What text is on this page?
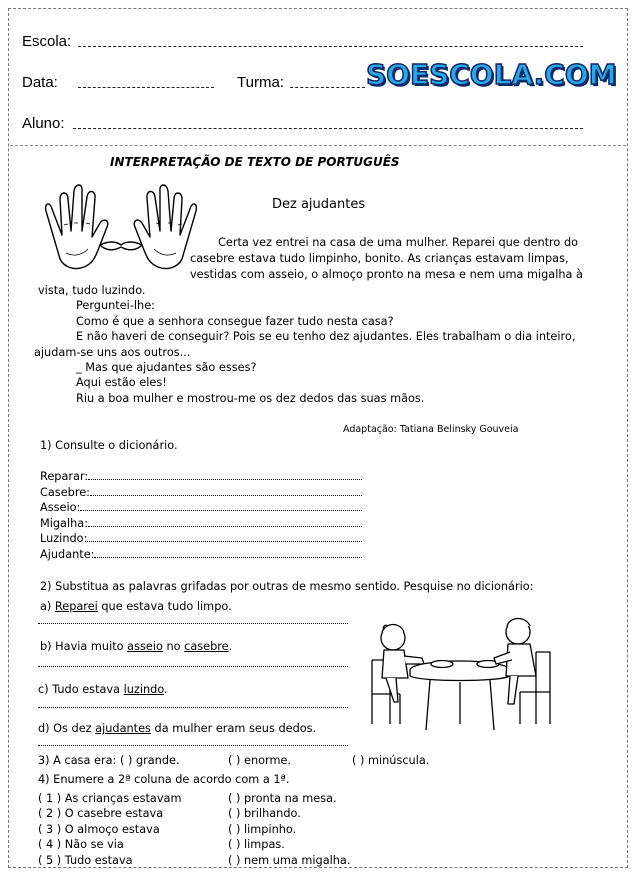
Escola:
Data:	Turma:	SOESCOLA.COM
Aluno:
INTERPRETAÇÃO DE TEXTO DE PORTUGUÊS
Dez ajudantes
Certa vez entrei na casa de uma mulher. Reparei que dentro do
casebre estava tudo limpinho, bonito. As crianças estavam limpas,
vestidas com asseio, o almoço pronto na mesa e nem uma migalha à
vista, tudo luzindo.
Perguntei-lhe:
Como é que a senhora consegue fazer tudo nesta casa?
E não haveri de conseguir? Pois se eu tenho dez ajudantes. Eles trabalham o dia inteiro,
ajudam-se uns aos outros...
_ Mas que ajudantes são esses?
Aqui estão eles!
Riu a boa mulher e mostrou-me os dez dedos das suas mãos.
Adaptação: Tatiana Belinsky Gouveia
1) Consulte o dicionário.
Reparar:
Casebre:
Asseio:
Migalha:
Luzindo:
Ajudante:
2) Substitua as palavras grifadas por outras de mesmo sentido. Pesquise no dicionário:
a) Reparei que estava tudo limpo.
b) Havia muito asseio no casebre.
c) Tudo estava luzindo.
d) Os dez ajudantes da mulher eram seus dedos.
3) A casa era: ( ) grande.	( ) enorme.	( ) minúscula.
4) Enumere a 2ª coluna de acordo com a 1ª.
( 1 ) As crianças estavam	( ) pronta na mesa.
( 2 ) O casebre estava	( ) brilhando.
( 3 ) O almoço estava	( ) limpinho.
( 4 ) Não se via	( ) limpas.
( 5 ) Tudo estava	( ) nem uma migalha.
